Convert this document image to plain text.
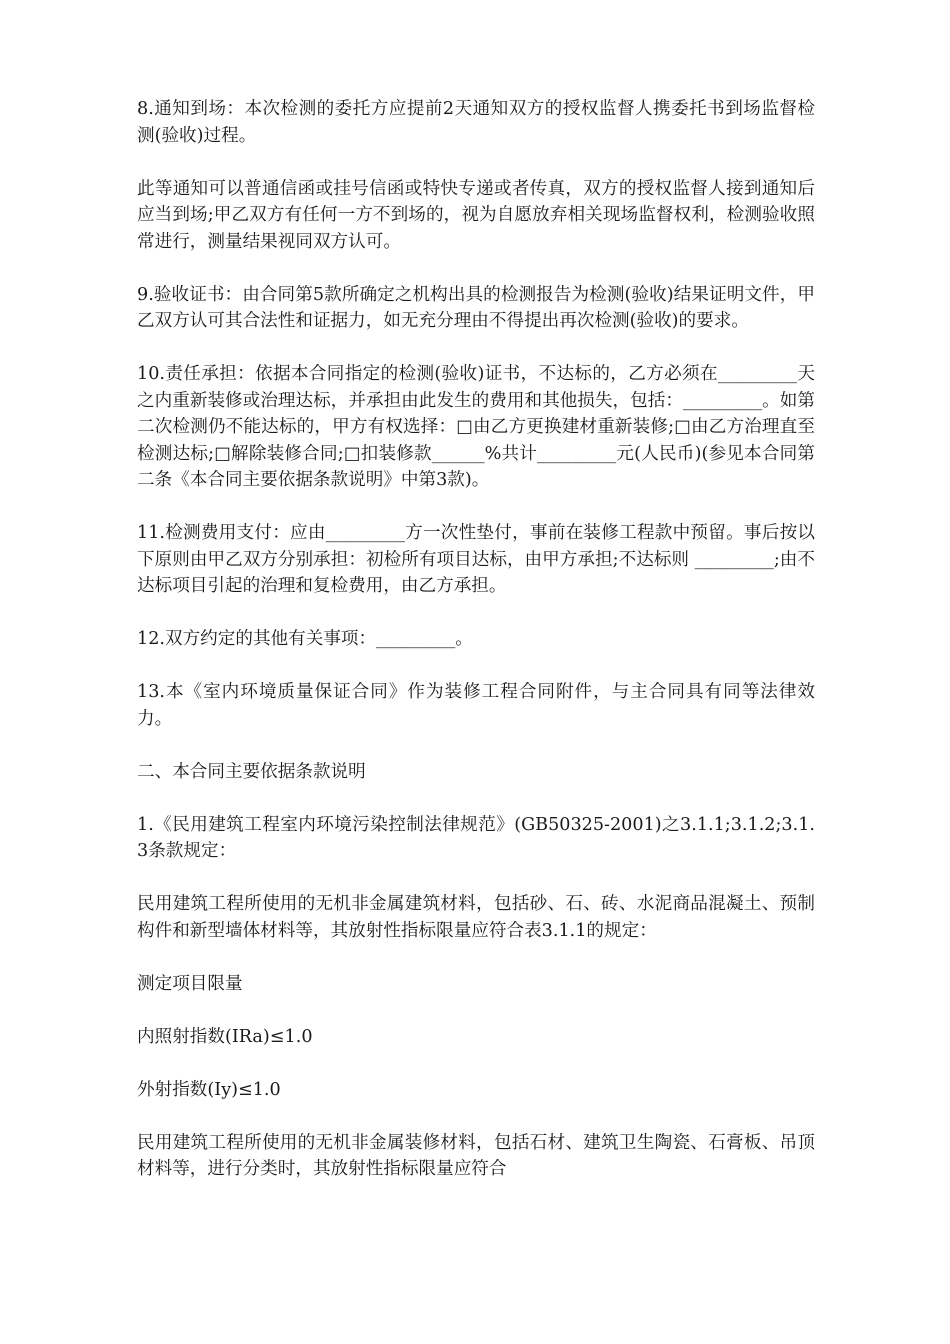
8.通知到场：本次检测的委托方应提前2天通知双方的授权监督人携委托书到场监督检测(验收)过程。

此等通知可以普通信函或挂号信函或特快专递或者传真，双方的授权监督人接到通知后应当到场;甲乙双方有任何一方不到场的，视为自愿放弃相关现场监督权利，检测验收照常进行，测量结果视同双方认可。

9.验收证书：由合同第5款所确定之机构出具的检测报告为检测(验收)结果证明文件，甲乙双方认可其合法性和证据力，如无充分理由不得提出再次检测(验收)的要求。

10.责任承担：依据本合同指定的检测(验收)证书，不达标的，乙方必须在_________天之内重新装修或治理达标，并承担由此发生的费用和其他损失，包括：_________。如第二次检测仍不能达标的，甲方有权选择：□由乙方更换建材重新装修;□由乙方治理直至检测达标;□解除装修合同;□扣装修款______%共计_________元(人民币)(参见本合同第二条《本合同主要依据条款说明》中第3款)。

11.检测费用支付：应由_________方一次性垫付，事前在装修工程款中预留。事后按以下原则由甲乙双方分别承担：初检所有项目达标，由甲方承担;不达标则 _________;由不达标项目引起的治理和复检费用，由乙方承担。

12.双方约定的其他有关事项：_________。

13.本《室内环境质量保证合同》作为装修工程合同附件，与主合同具有同等法律效力。

二、本合同主要依据条款说明

1.《民用建筑工程室内环境污染控制法律规范》(GB50325-2001)之3.1.1;3.1.2;3.1.3条款规定：

民用建筑工程所使用的无机非金属建筑材料，包括砂、石、砖、水泥商品混凝土、预制构件和新型墙体材料等，其放射性指标限量应符合表3.1.1的规定：

测定项目限量

内照射指数(IRa)≤1.0

外射指数(Iy)≤1.0

民用建筑工程所使用的无机非金属装修材料，包括石材、建筑卫生陶瓷、石膏板、吊顶材料等，进行分类时，其放射性指标限量应符合
